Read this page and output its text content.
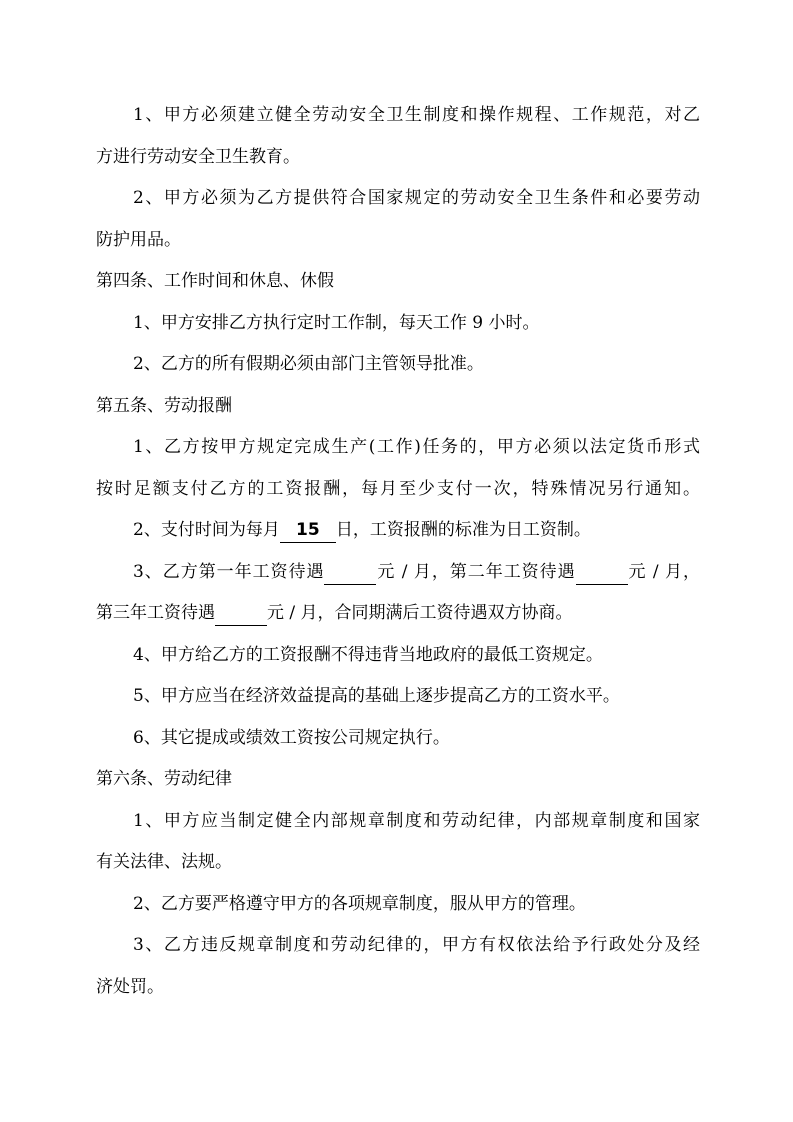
1、甲方必须建立健全劳动安全卫生制度和操作规程、工作规范，对乙
方进行劳动安全卫生教育。
2、甲方必须为乙方提供符合国家规定的劳动安全卫生条件和必要劳动
防护用品。
第四条、工作时间和休息、休假
1、甲方安排乙方执行定时工作制，每天工作 9 小时。
2、乙方的所有假期必须由部门主管领导批准。
第五条、劳动报酬
1、乙方按甲方规定完成生产(工作)任务的，甲方必须以法定货币形式
按时足额支付乙方的工资报酬，每月至少支付一次，特殊情况另行通知。
2、支付时间为每月 15 日，工资报酬的标准为日工资制。
3、乙方第一年工资待遇	元 / 月，第二年工资待遇	元 / 月，
第三年工资待遇	元 / 月，合同期满后工资待遇双方协商。
4、甲方给乙方的工资报酬不得违背当地政府的最低工资规定。
5、甲方应当在经济效益提高的基础上逐步提高乙方的工资水平。
6、其它提成或绩效工资按公司规定执行。
第六条、劳动纪律
1、甲方应当制定健全内部规章制度和劳动纪律，内部规章制度和国家
有关法律、法规。
2、乙方要严格遵守甲方的各项规章制度，服从甲方的管理。
3、乙方违反规章制度和劳动纪律的，甲方有权依法给予行政处分及经
济处罚。
